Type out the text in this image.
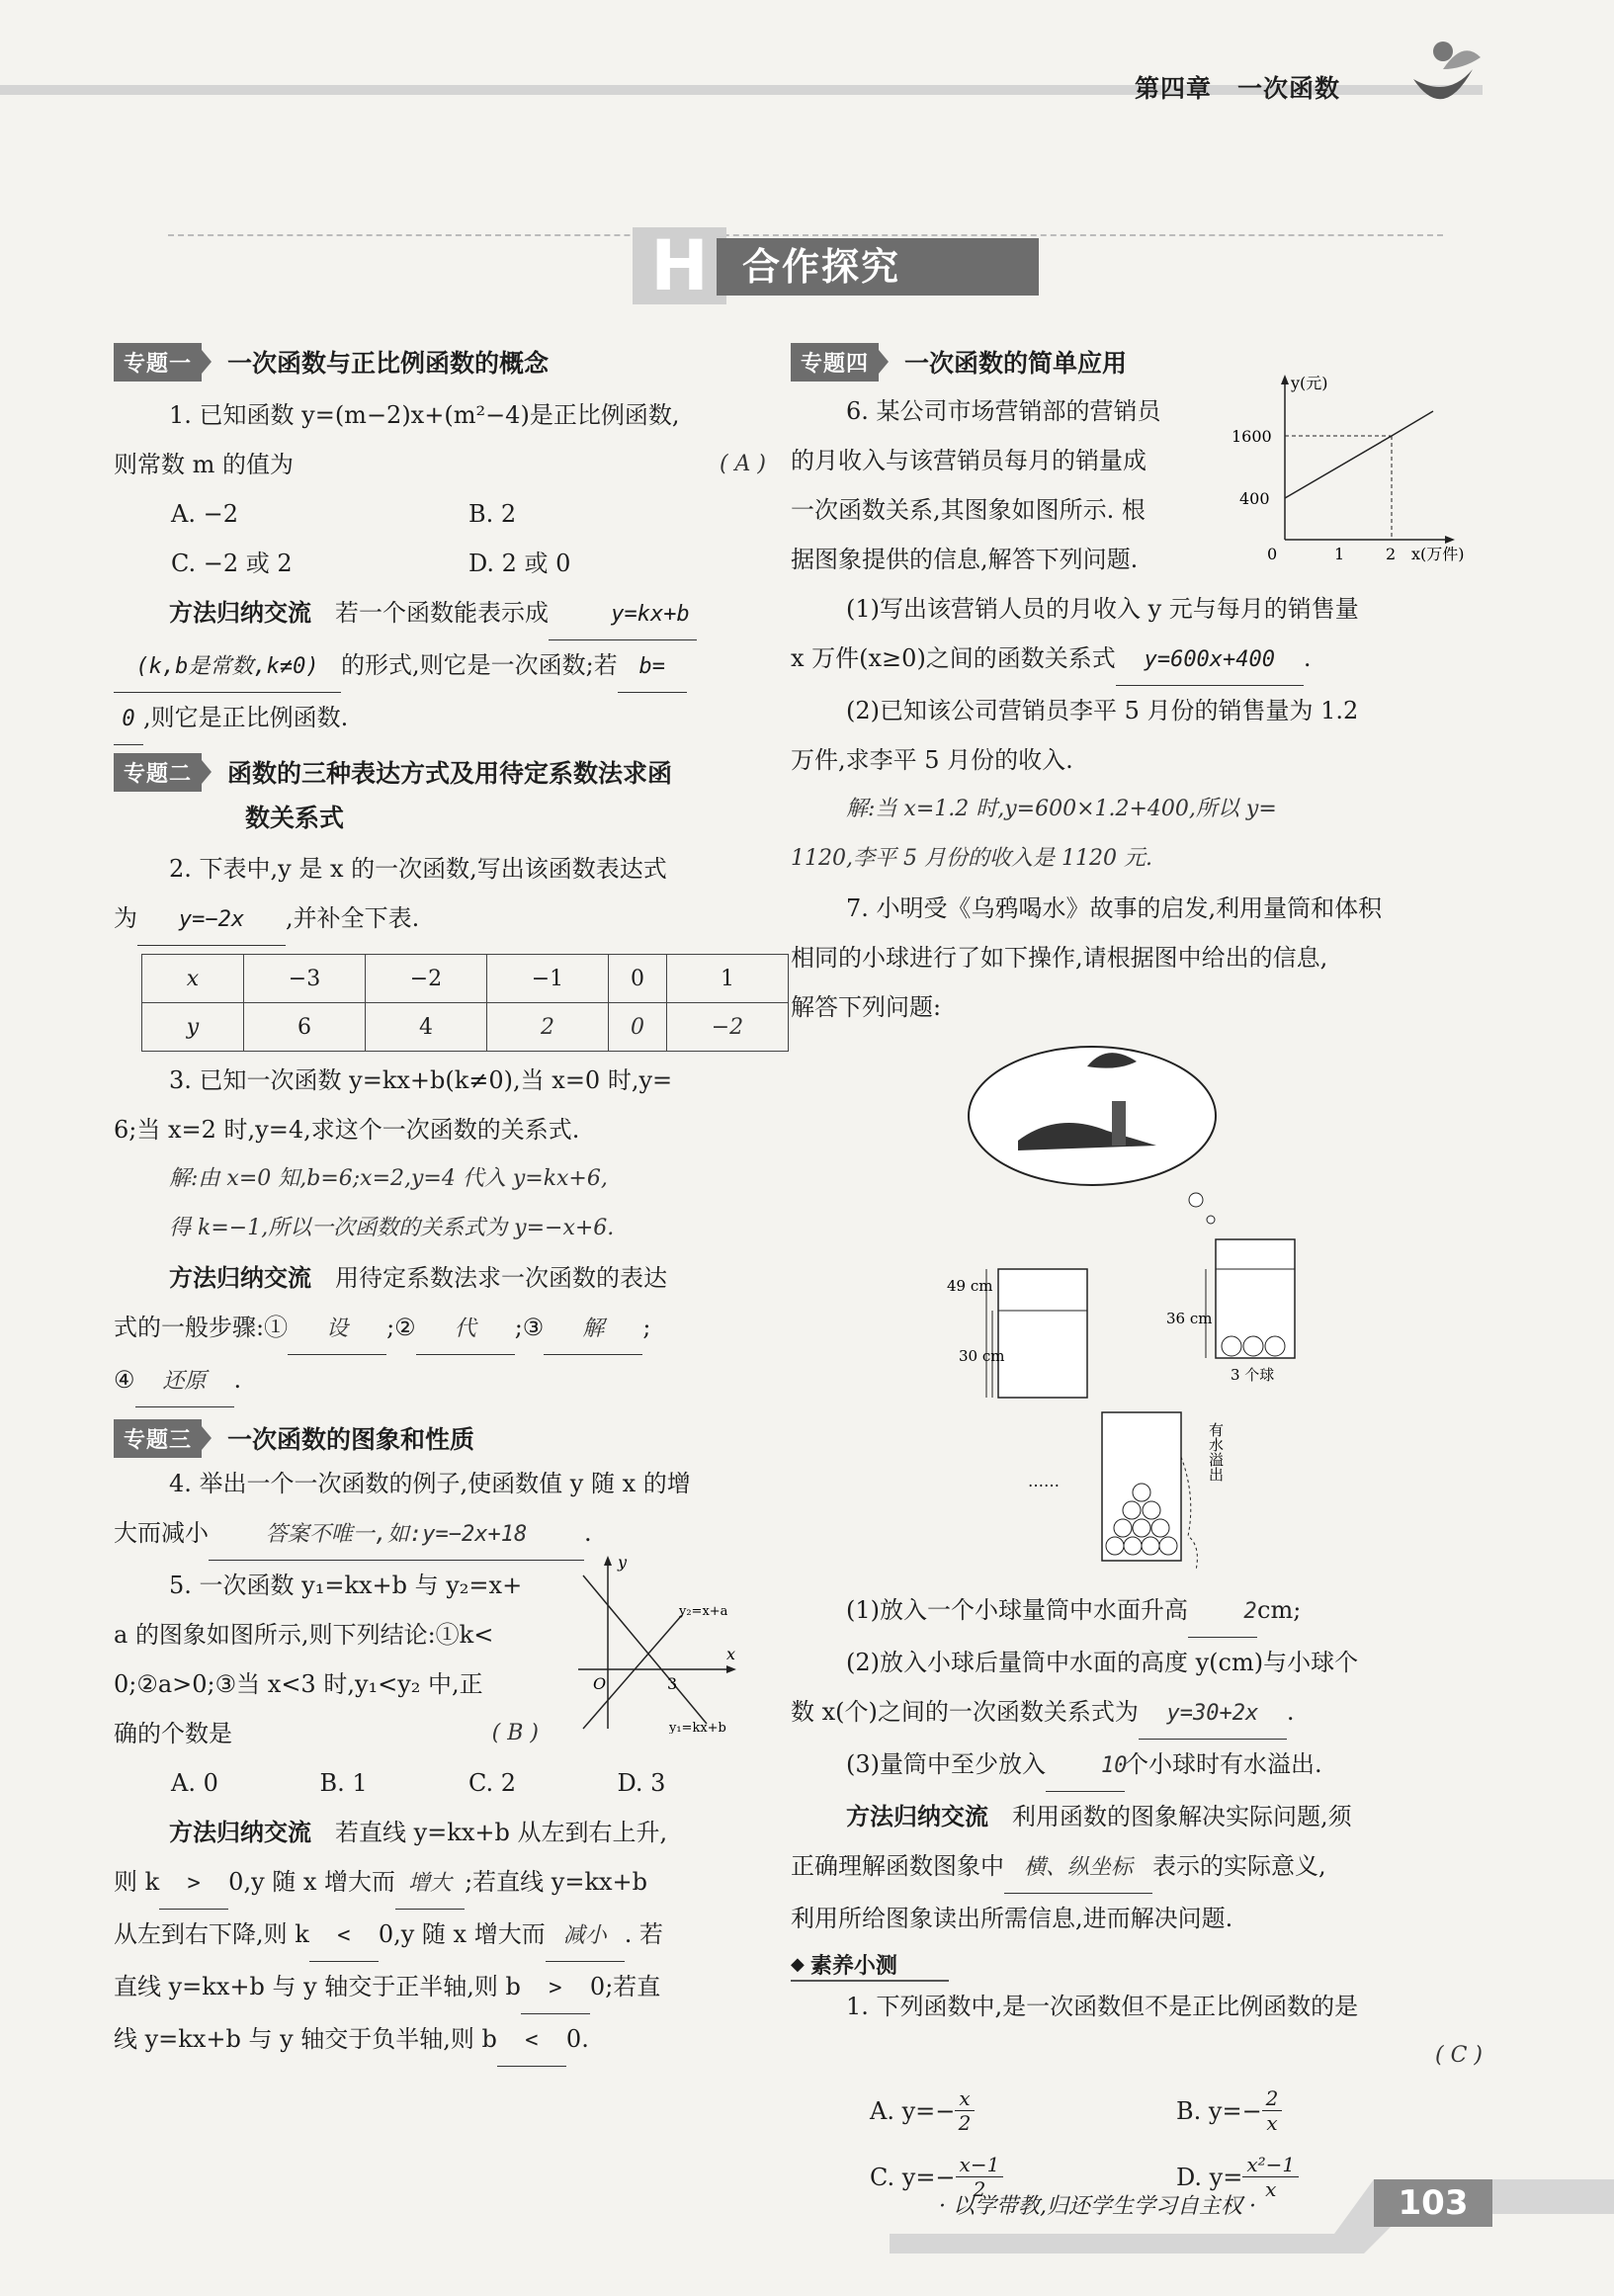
第四章　一次函数
H 合作探究
专题一	一次函数与正比例函数的概念
1. 已知函数 y=(m−2)x+(m²−4)是正比例函数,
则常数 m 的值为	( A )
A. −2	B. 2
C. −2 或 2	D. 2 或 0
方法归纳交流　 若一个函数能表示成	y=kx+b
(k,b是常数,k≠0) 的形式,则它是一次函数;若 b=
0 ,则它是正比例函数.
专题二	函数的三种表达方式及用待定系数法求函
数关系式
2. 下表中,y 是 x 的一次函数,写出该函数表达式
为 y=−2x ,并补全下表.
x	−3	−2	−1	0	1
y	6	4	2	0	−2
3. 已知一次函数 y=kx+b(k≠0),当 x=0 时,y=
6;当 x=2 时,y=4,求这个一次函数的关系式.
解:由 x=0 知,b=6;x=2,y=4 代入 y=kx+6,
得 k=−1,所以一次函数的关系式为 y=−x+6.
方法归纳交流　 用待定系数法求一次函数的表达
式的一般步骤:① 设 ;② 代 ;③ 解 ;
④ 还原 .
专题三	一次函数的图象和性质
4. 举出一个一次函数的例子,使函数值 y 随 x 的增
大而减小	答案不唯一,如:y=−2x+18 .
5. 一次函数 y₁=kx+b 与 y₂=x+
a 的图象如图所示,则下列结论:①k<
0;②a>0;③当 x<3 时,y₁<y₂ 中,正
确的个数是	( B )
y
x
O	3
y₁=kx+b
y₂=x+a
A. 0	B. 1	C. 2	D. 3
方法归纳交流　 若直线 y=kx+b 从左到右上升,
则 k > 0,y 随 x 增大而 增大 ;若直线 y=kx+b
从左到右下降,则 k < 0,y 随 x 增大而 减小 . 若
直线 y=kx+b 与 y 轴交于正半轴,则 b > 0;若直
线 y=kx+b 与 y 轴交于负半轴,则 b < 0.
专题四	一次函数的简单应用
6. 某公司市场营销部的营销员
的月收入与该营销员每月的销量成
一次函数关系,其图象如图所示. 根
据图象提供的信息,解答下列问题.
y(元)
1600
400
0	1	2 x(万件)
(1)写出该营销人员的月收入 y 元与每月的销售量
x 万件(x≥0)之间的函数关系式 y=600x+400 .
(2)已知该公司营销员李平 5 月份的销售量为 1.2
万件,求李平 5 月份的收入.
解:当 x=1.2 时,y=600×1.2+400,所以 y=
1120,李平 5 月份的收入是 1120 元.
7. 小明受《乌鸦喝水》故事的启发,利用量筒和体积
相同的小球进行了如下操作,请根据图中给出的信息,
解答下列问题:
49 cm
30 cm
36 cm
3 个球
……	有水溢出
(1)放入一个小球量筒中水面升高	2cm;
(2)放入小球后量筒中水面的高度 y(cm)与小球个
数 x(个)之间的一次函数关系式为 y=30+2x .
(3)量筒中至少放入	10个小球时有水溢出.
方法归纳交流　 利用函数的图象解决实际问题,须
正确理解函数图象中 横、纵坐标 表示的实际意义,
利用所给图象读出所需信息,进而解决问题.
◆ 素养小测
1. 下列函数中,是一次函数但不是正比例函数的是
( C )
A. $y=- \frac{x}{2}$	B. $y=- \frac{2}{x}$
C. $y=- \frac{x-1}{2}$	D. $y= \frac{\text{x²−1}}{x}$
· 以学带教,归还学生学习自主权 ·	103
